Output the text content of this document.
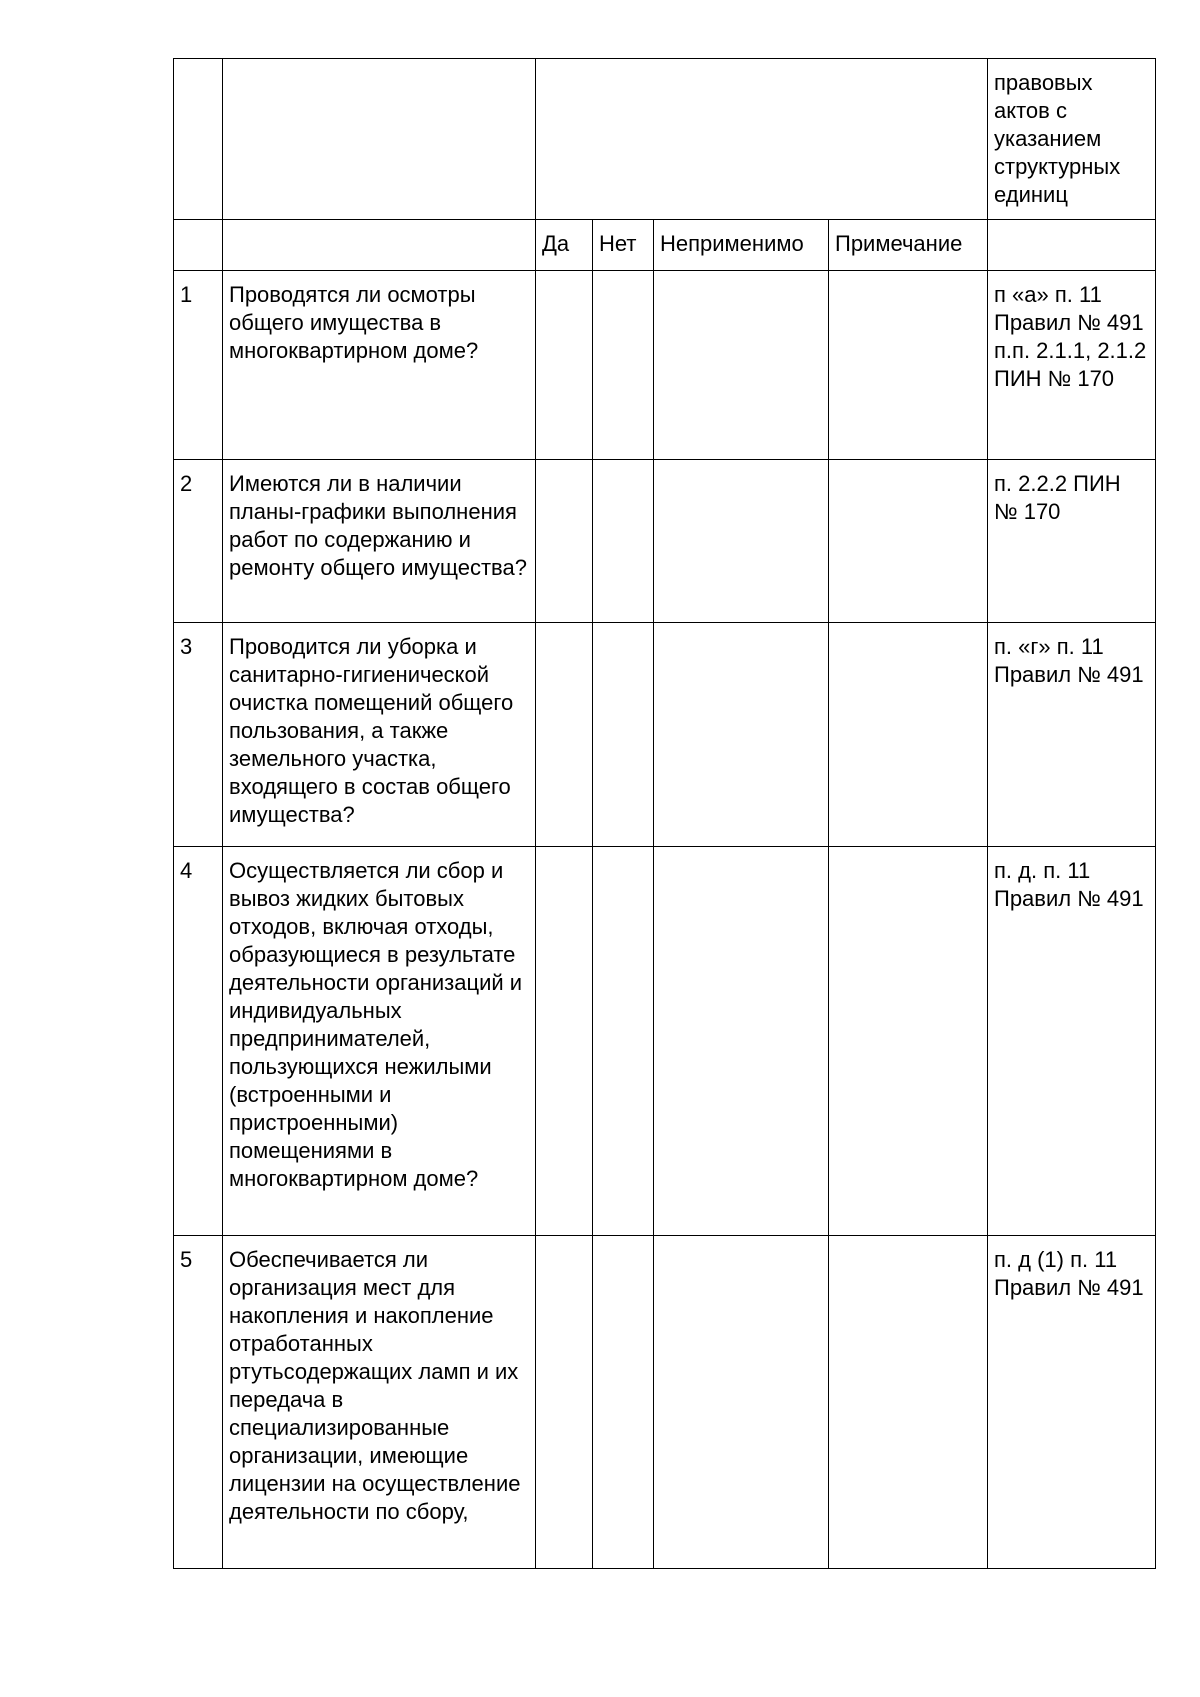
						правовых актов с указанием структурных единиц
		Да	Нет	Неприменимо	Примечание	
1	Проводятся ли осмотры общего имущества в многоквартирном доме?					п «а» п. 11 Правил № 491
п.п. 2.1.1, 2.1.2 ПИН № 170

2	Имеются ли в наличии планы-графики выполнения работ по содержанию и ремонту общего имущества?					п. 2.2.2 ПИН № 170

3	Проводится ли уборка и санитарно-гигиенической очистка помещений общего пользования, а также земельного участка, входящего в состав общего имущества?					п. «г» п. 11 Правил № 491

4	Осуществляется ли сбор и вывоз жидких бытовых отходов, включая отходы, образующиеся в результате деятельности организаций и индивидуальных предпринимателей, пользующихся нежилыми (встроенными и пристроенными) помещениями в многоквартирном доме?					п. д. п. 11 Правил № 491

5	Обеспечивается ли организация мест для накопления и накопление отработанных ртутьсодержащих ламп и их передача в специализированные организации, имеющие лицензии на осуществление деятельности по сбору,					п. д (1) п. 11 Правил № 491
